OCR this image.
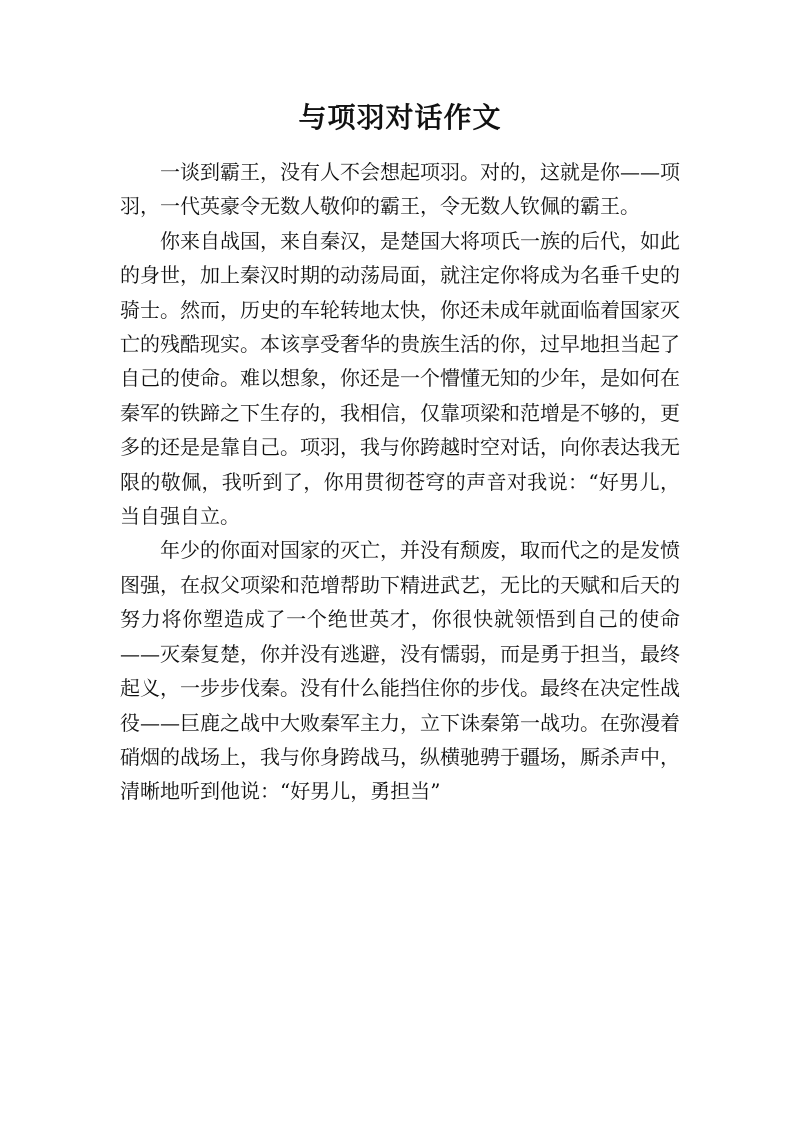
与项羽对话作文

一谈到霸王，没有人不会想起项羽。对的，这就是你——项羽，一代英豪令无数人敬仰的霸王，令无数人钦佩的霸王。

你来自战国，来自秦汉，是楚国大将项氏一族的后代，如此的身世，加上秦汉时期的动荡局面，就注定你将成为名垂千史的骑士。然而，历史的车轮转地太快，你还未成年就面临着国家灭亡的残酷现实。本该享受奢华的贵族生活的你，过早地担当起了自己的使命。难以想象，你还是一个懵懂无知的少年，是如何在秦军的铁蹄之下生存的，我相信，仅靠项梁和范增是不够的，更多的还是是靠自己。项羽，我与你跨越时空对话，向你表达我无限的敬佩，我听到了，你用贯彻苍穹的声音对我说：“好男儿，当自强自立。

年少的你面对国家的灭亡，并没有颓废，取而代之的是发愤图强，在叔父项梁和范增帮助下精进武艺，无比的天赋和后天的努力将你塑造成了一个绝世英才，你很快就领悟到自己的使命——灭秦复楚，你并没有逃避，没有懦弱，而是勇于担当，最终起义，一步步伐秦。没有什么能挡住你的步伐。最终在决定性战役——巨鹿之战中大败秦军主力，立下诛秦第一战功。在弥漫着硝烟的战场上，我与你身跨战马，纵横驰骋于疆场，厮杀声中，清晰地听到他说：“好男儿，勇担当”
